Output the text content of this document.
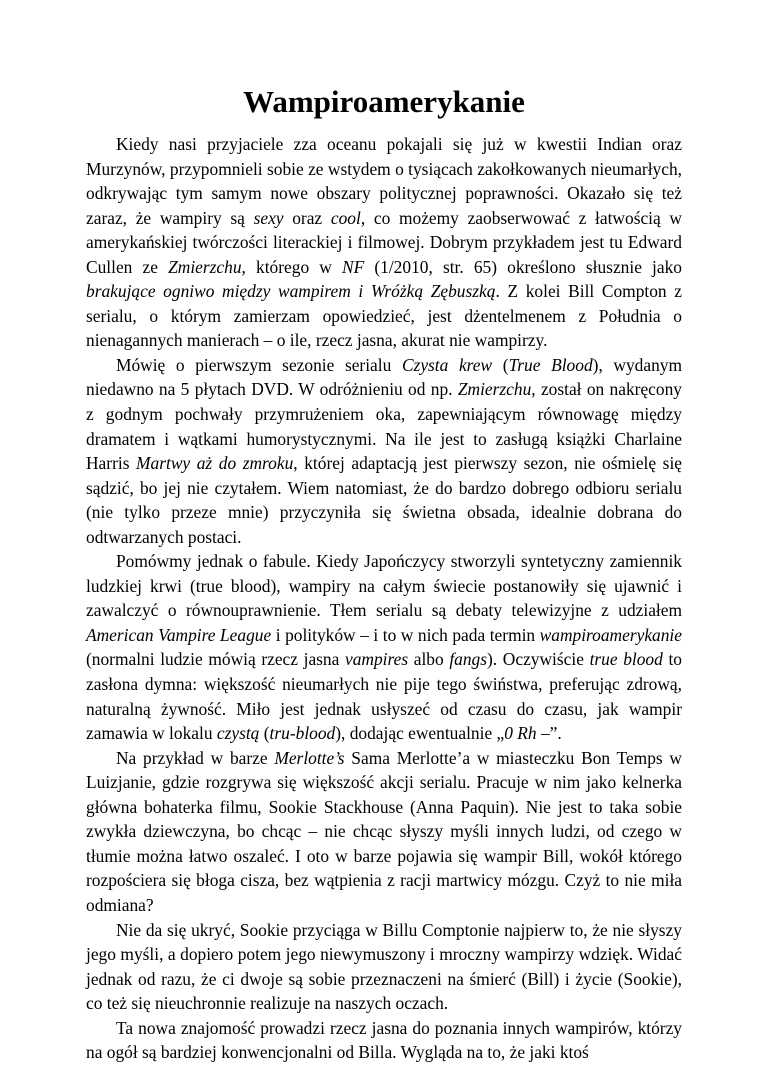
Wampiroamerykanie

Kiedy nasi przyjaciele zza oceanu pokajali się już w kwestii Indian oraz Murzynów, przypomnieli sobie ze wstydem o tysiącach zakołkowanych nieumarłych, odkrywając tym samym nowe obszary politycznej poprawności. Okazało się też zaraz, że wampiry są sexy oraz cool, co możemy zaobserwować z łatwością w amerykańskiej twórczości literackiej i filmowej. Dobrym przykładem jest tu Edward Cullen ze Zmierzchu, którego w NF (1/2010, str. 65) określono słusznie jako brakujące ogniwo między wampirem i Wróżką Zębuszką. Z kolei Bill Compton z serialu, o którym zamierzam opowiedzieć, jest dżentelmenem z Południa o nienagannych manierach – o ile, rzecz jasna, akurat nie wampirzy.

Mówię o pierwszym sezonie serialu Czysta krew (True Blood), wydanym niedawno na 5 płytach DVD. W odróżnieniu od np. Zmierzchu, został on nakręcony z godnym pochwały przymrużeniem oka, zapewniającym równowagę między dramatem i wątkami humorystycznymi. Na ile jest to zasługą książki Charlaine Harris Martwy aż do zmroku, której adaptacją jest pierwszy sezon, nie ośmielę się sądzić, bo jej nie czytałem. Wiem natomiast, że do bardzo dobrego odbioru serialu (nie tylko przeze mnie) przyczyniła się świetna obsada, idealnie dobrana do odtwarzanych postaci.

Pomówmy jednak o fabule. Kiedy Japończycy stworzyli syntetyczny zamiennik ludzkiej krwi (true blood), wampiry na całym świecie postanowiły się ujawnić i zawalczyć o równouprawnienie. Tłem serialu są debaty telewizyjne z udziałem American Vampire League i polityków – i to w nich pada termin wampiroamerykanie (normalni ludzie mówią rzecz jasna vampires albo fangs). Oczywiście true blood to zasłona dymna: większość nieumarłych nie pije tego świństwa, preferując zdrową, naturalną żywność. Miło jest jednak usłyszeć od czasu do czasu, jak wampir zamawia w lokalu czystą (tru-blood), dodając ewentualnie „0 Rh –”.

Na przykład w barze Merlotte’s Sama Merlotte’a w miasteczku Bon Temps w Luizjanie, gdzie rozgrywa się większość akcji serialu. Pracuje w nim jako kelnerka główna bohaterka filmu, Sookie Stackhouse (Anna Paquin). Nie jest to taka sobie zwykła dziewczyna, bo chcąc – nie chcąc słyszy myśli innych ludzi, od czego w tłumie można łatwo oszaleć. I oto w barze pojawia się wampir Bill, wokół którego rozpościera się błoga cisza, bez wątpienia z racji martwicy mózgu. Czyż to nie miła odmiana?

Nie da się ukryć, Sookie przyciąga w Billu Comptonie najpierw to, że nie słyszy jego myśli, a dopiero potem jego niewymuszony i mroczny wampirzy wdzięk. Widać jednak od razu, że ci dwoje są sobie przeznaczeni na śmierć (Bill) i życie (Sookie), co też się nieuchronnie realizuje na naszych oczach.

Ta nowa znajomość prowadzi rzecz jasna do poznania innych wampirów, którzy na ogół są bardziej konwencjonalni od Billa. Wygląda na to, że jaki ktoś
